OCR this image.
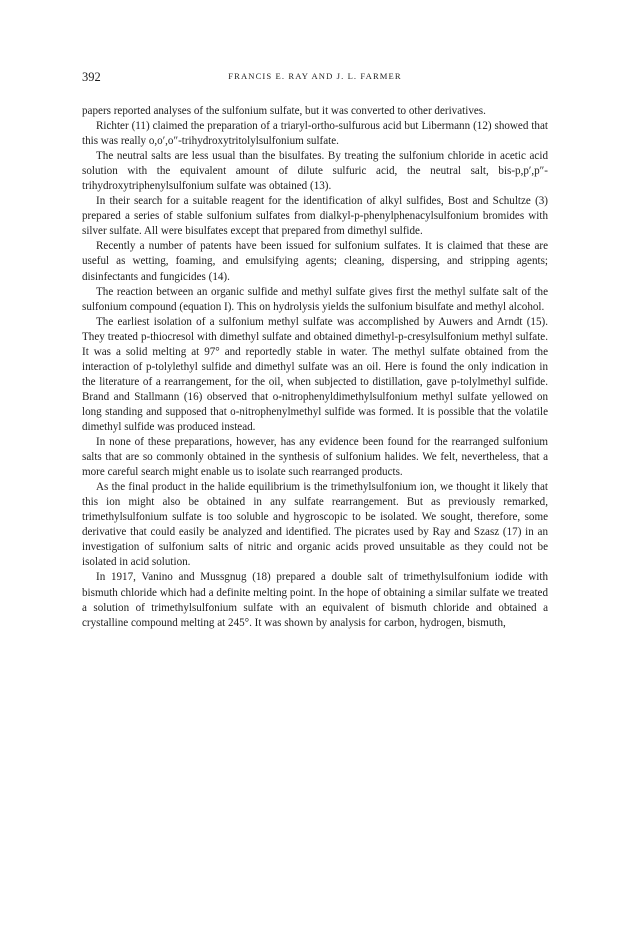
392	FRANCIS E. RAY AND J. L. FARMER

papers reported analyses of the sulfonium sulfate, but it was converted to other derivatives.

Richter (11) claimed the preparation of a triaryl-ortho-sulfurous acid but Libermann (12) showed that this was really o,o′,o″-trihydroxytritolylsulfonium sulfate.

The neutral salts are less usual than the bisulfates. By treating the sulfonium chloride in acetic acid solution with the equivalent amount of dilute sulfuric acid, the neutral salt, bis-p,p′,p″-trihydroxytriphenylsulfonium sulfate was obtained (13).

In their search for a suitable reagent for the identification of alkyl sulfides, Bost and Schultze (3) prepared a series of stable sulfonium sulfates from dialkyl-p-phenylphenacylsulfonium bromides with silver sulfate. All were bisulfates except that prepared from dimethyl sulfide.

Recently a number of patents have been issued for sulfonium sulfates. It is claimed that these are useful as wetting, foaming, and emulsifying agents; cleaning, dispersing, and stripping agents; disinfectants and fungicides (14).

The reaction between an organic sulfide and methyl sulfate gives first the methyl sulfate salt of the sulfonium compound (equation I). This on hydrolysis yields the sulfonium bisulfate and methyl alcohol.

The earliest isolation of a sulfonium methyl sulfate was accomplished by Auwers and Arndt (15). They treated p-thiocresol with dimethyl sulfate and obtained dimethyl-p-cresylsulfonium methyl sulfate. It was a solid melting at 97° and reportedly stable in water. The methyl sulfate obtained from the interaction of p-tolylethyl sulfide and dimethyl sulfate was an oil. Here is found the only indication in the literature of a rearrangement, for the oil, when subjected to distillation, gave p-tolylmethyl sulfide. Brand and Stallmann (16) observed that o-nitrophenyldimethylsulfonium methyl sulfate yellowed on long standing and supposed that o-nitrophenylmethyl sulfide was formed. It is possible that the volatile dimethyl sulfide was produced instead.

In none of these preparations, however, has any evidence been found for the rearranged sulfonium salts that are so commonly obtained in the synthesis of sulfonium halides. We felt, nevertheless, that a more careful search might enable us to isolate such rearranged products.

As the final product in the halide equilibrium is the trimethylsulfonium ion, we thought it likely that this ion might also be obtained in any sulfate rearrangement. But as previously remarked, trimethylsulfonium sulfate is too soluble and hygroscopic to be isolated. We sought, therefore, some derivative that could easily be analyzed and identified. The picrates used by Ray and Szasz (17) in an investigation of sulfonium salts of nitric and organic acids proved unsuitable as they could not be isolated in acid solution.

In 1917, Vanino and Mussgnug (18) prepared a double salt of trimethylsulfonium iodide with bismuth chloride which had a definite melting point. In the hope of obtaining a similar sulfate we treated a solution of trimethylsulfonium sulfate with an equivalent of bismuth chloride and obtained a crystalline compound melting at 245°. It was shown by analysis for carbon, hydrogen, bismuth,
